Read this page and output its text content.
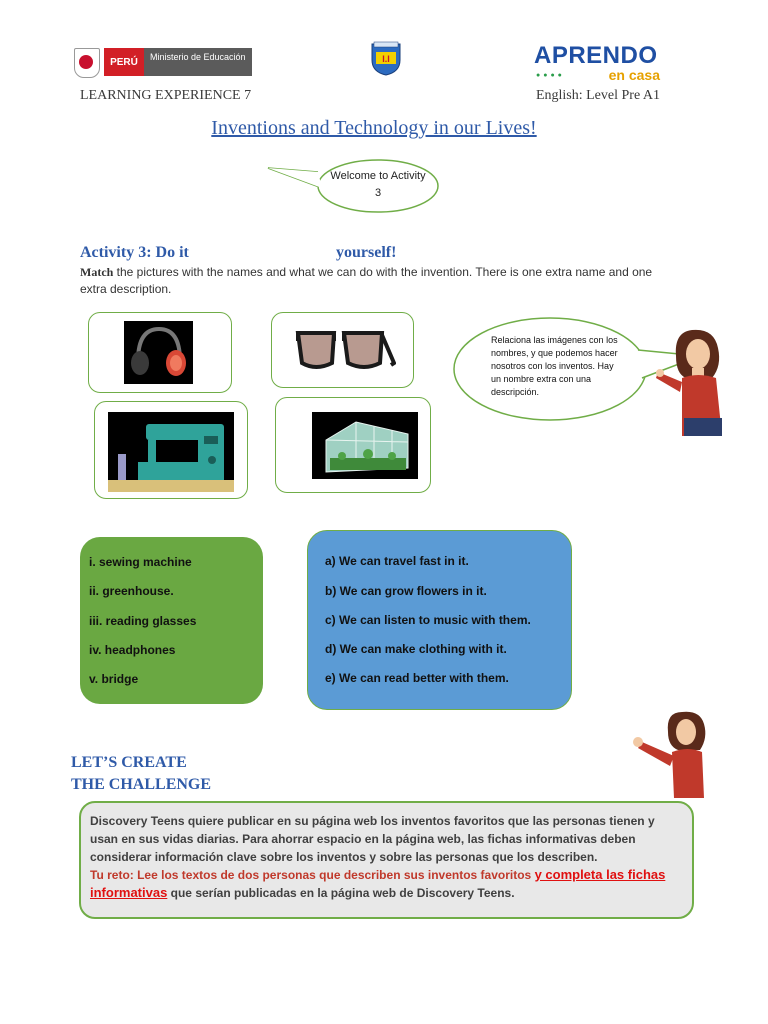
PERÚ	Ministerio de Educación	I.I	APRENDO
●●●●	en casa
LEARNING EXPERIENCE 7	English: Level Pre A1
Inventions and Technology in our Lives!
Welcome to Activity
3
Activity 3: Do it	yourself!
Match the pictures with the names and what we can do with the invention. There is one extra name and one extra description.
Relaciona las imágenes con los nombres, y que podemos hacer nosotros con los inventos. Hay un nombre extra con una descripción.
i. sewing machine
ii. greenhouse.
iii. reading glasses
iv. headphones
v. bridge
a) We can travel fast in it.
b) We can grow flowers in it.
c) We can listen to music with them.
d) We can make clothing with it.
e) We can read better with them.
LET’S CREATE
THE CHALLENGE
Discovery Teens quiere publicar en su página web los inventos favoritos que las personas tienen y usan en sus vidas diarias. Para ahorrar espacio en la página web, las fichas informativas deben considerar información clave sobre los inventos y sobre las personas que los describen.
Tu reto: Lee los textos de dos personas que describen sus inventos favoritos y completa las fichas informativas que serían publicadas en la página web de Discovery Teens.
